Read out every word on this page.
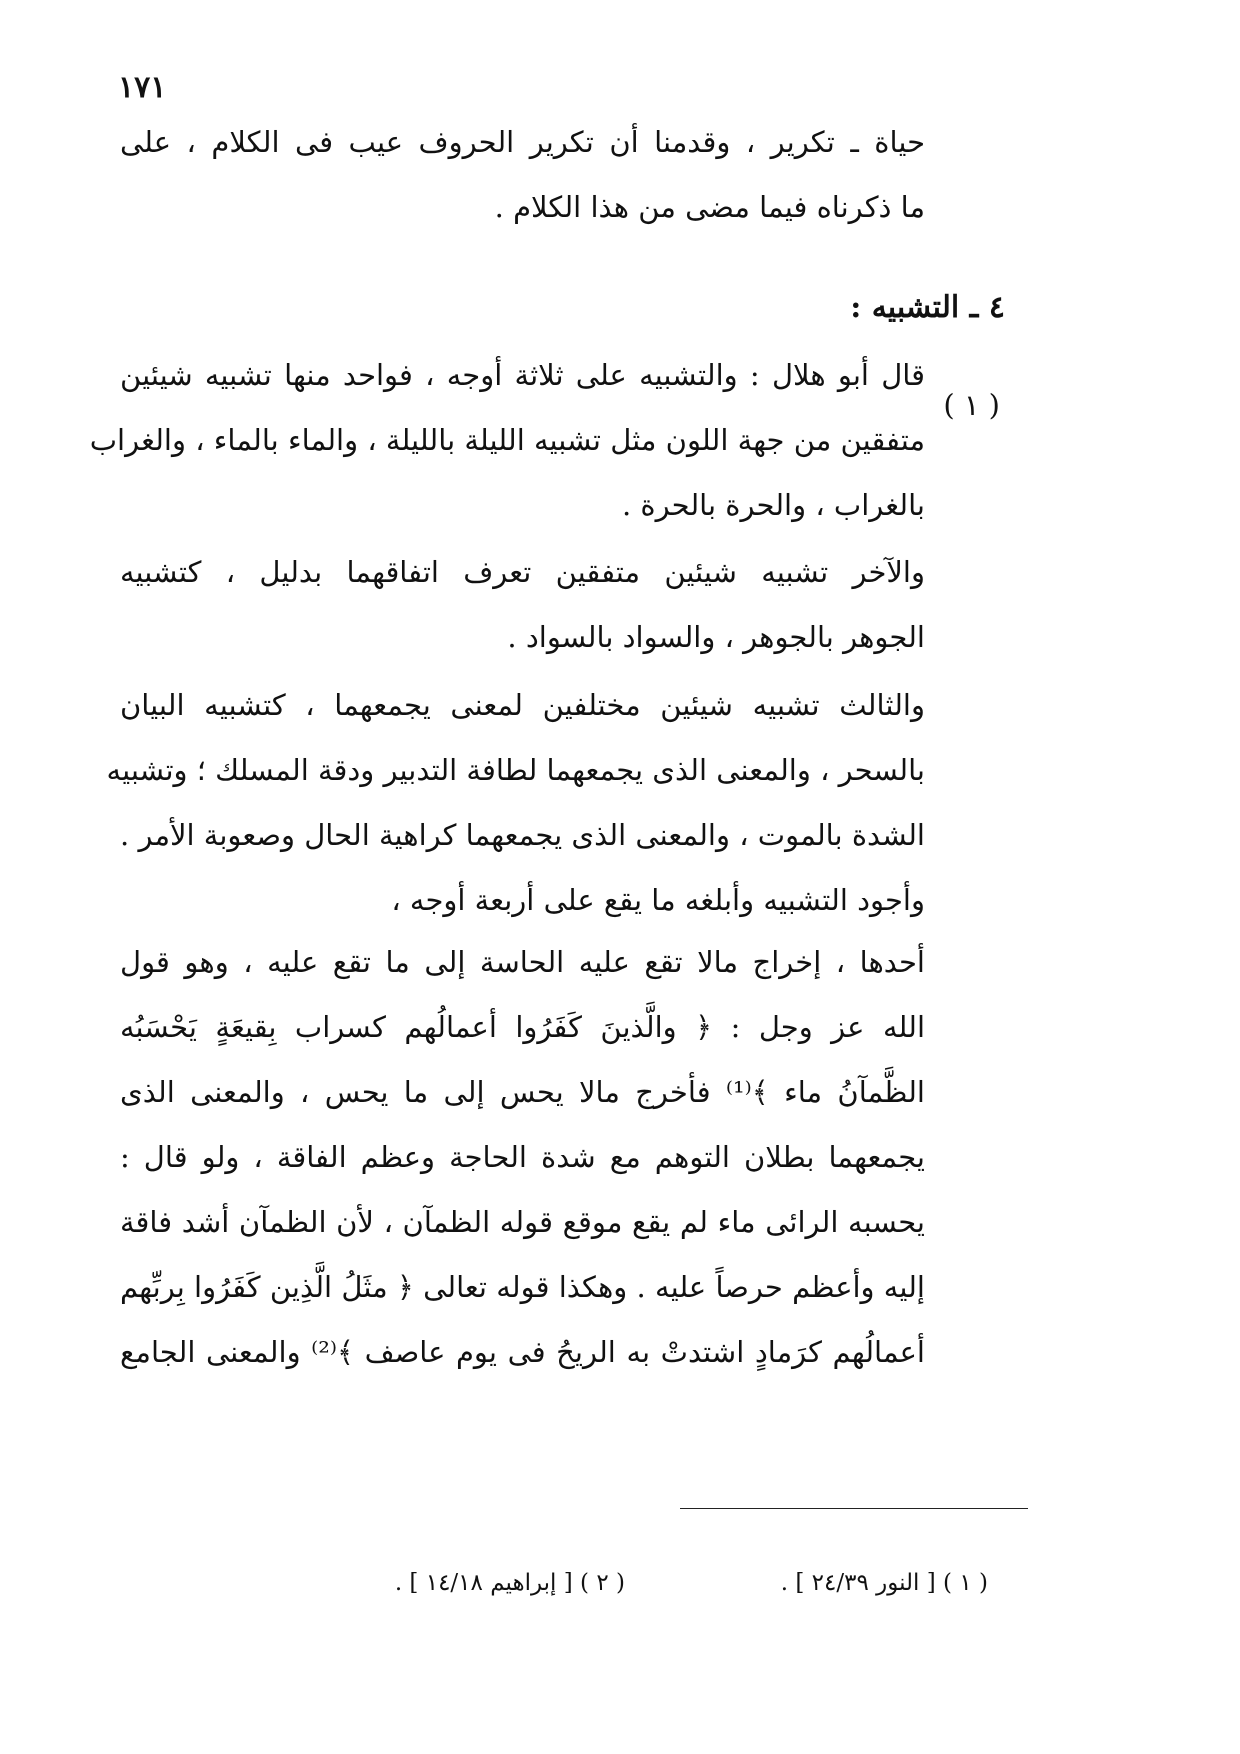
١٧١
حياة ـ تكرير ، وقدمنا أن تكرير الحروف عيب فى الكلام ، على
ما ذكرناه فيما مضى من هذا الكلام .
٤ ـ التشبيه :
( ١ )
قال أبو هلال : والتشبيه على ثلاثة أوجه ، فواحد منها تشبيه شيئين
متفقين من جهة اللون مثل تشبيه الليلة بالليلة ، والماء بالماء ، والغراب
بالغراب ، والحرة بالحرة .
والآخر تشبيه شيئين متفقين تعرف اتفاقهما بدليل ، كتشبيه
الجوهر بالجوهر ، والسواد بالسواد .
والثالث تشبيه شيئين مختلفين لمعنى يجمعهما ، كتشبيه البيان
بالسحر ، والمعنى الذى يجمعهما لطافة التدبير ودقة المسلك ؛ وتشبيه
الشدة بالموت ، والمعنى الذى يجمعهما كراهية الحال وصعوبة الأمر .
وأجود التشبيه وأبلغه ما يقع على أربعة أوجه ،
أحدها ، إخراج مالا تقع عليه الحاسة إلى ما تقع عليه ، وهو قول
الله عز وجل : ﴿ والَّذينَ كَفَرُوا أعمالُهم كسراب بِقيعَةٍ يَحْسَبُه
الظَّمآنُ ماء ﴾⁽¹⁾ فأخرج مالا يحس إلى ما يحس ، والمعنى الذى
يجمعهما بطلان التوهم مع شدة الحاجة وعظم الفاقة ، ولو قال :
يحسبه الرائى ماء لم يقع موقع قوله الظمآن ، لأن الظمآن أشد فاقة
إليه وأعظم حرصاً عليه . وهكذا قوله تعالى ﴿ مثَلُ الَّذِين كَفَرُوا بِربِّهم
أعمالُهم كرَمادٍ اشتدتْ به الريحُ فى يوم عاصف ﴾⁽²⁾ والمعنى الجامع
( ١ ) [ النور ٢٤/٣٩ ] .
( ٢ ) [ إبراهيم ١٤/١٨ ] .
